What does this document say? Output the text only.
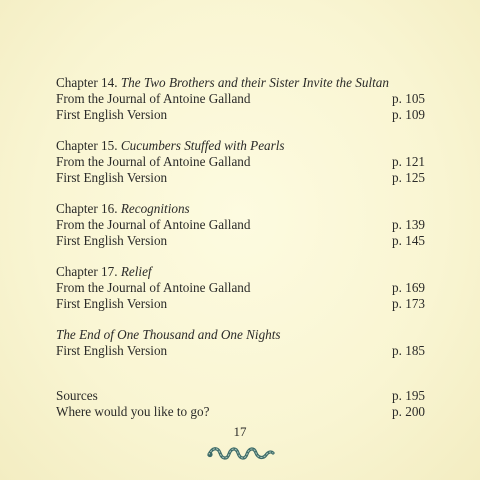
Chapter 14. The Two Brothers and their Sister Invite the Sultan
From the Journal of Antoine Galland	p. 105
First English Version	p. 109
Chapter 15. Cucumbers Stuffed with Pearls
From the Journal of Antoine Galland	p. 121
First English Version	p. 125
Chapter 16. Recognitions
From the Journal of Antoine Galland	p. 139
First English Version	p. 145
Chapter 17. Relief
From the Journal of Antoine Galland	p. 169
First English Version	p. 173
The End of One Thousand and One Nights
First English Version	p. 185
Sources	p. 195
Where would you like to go?	p. 200
17
